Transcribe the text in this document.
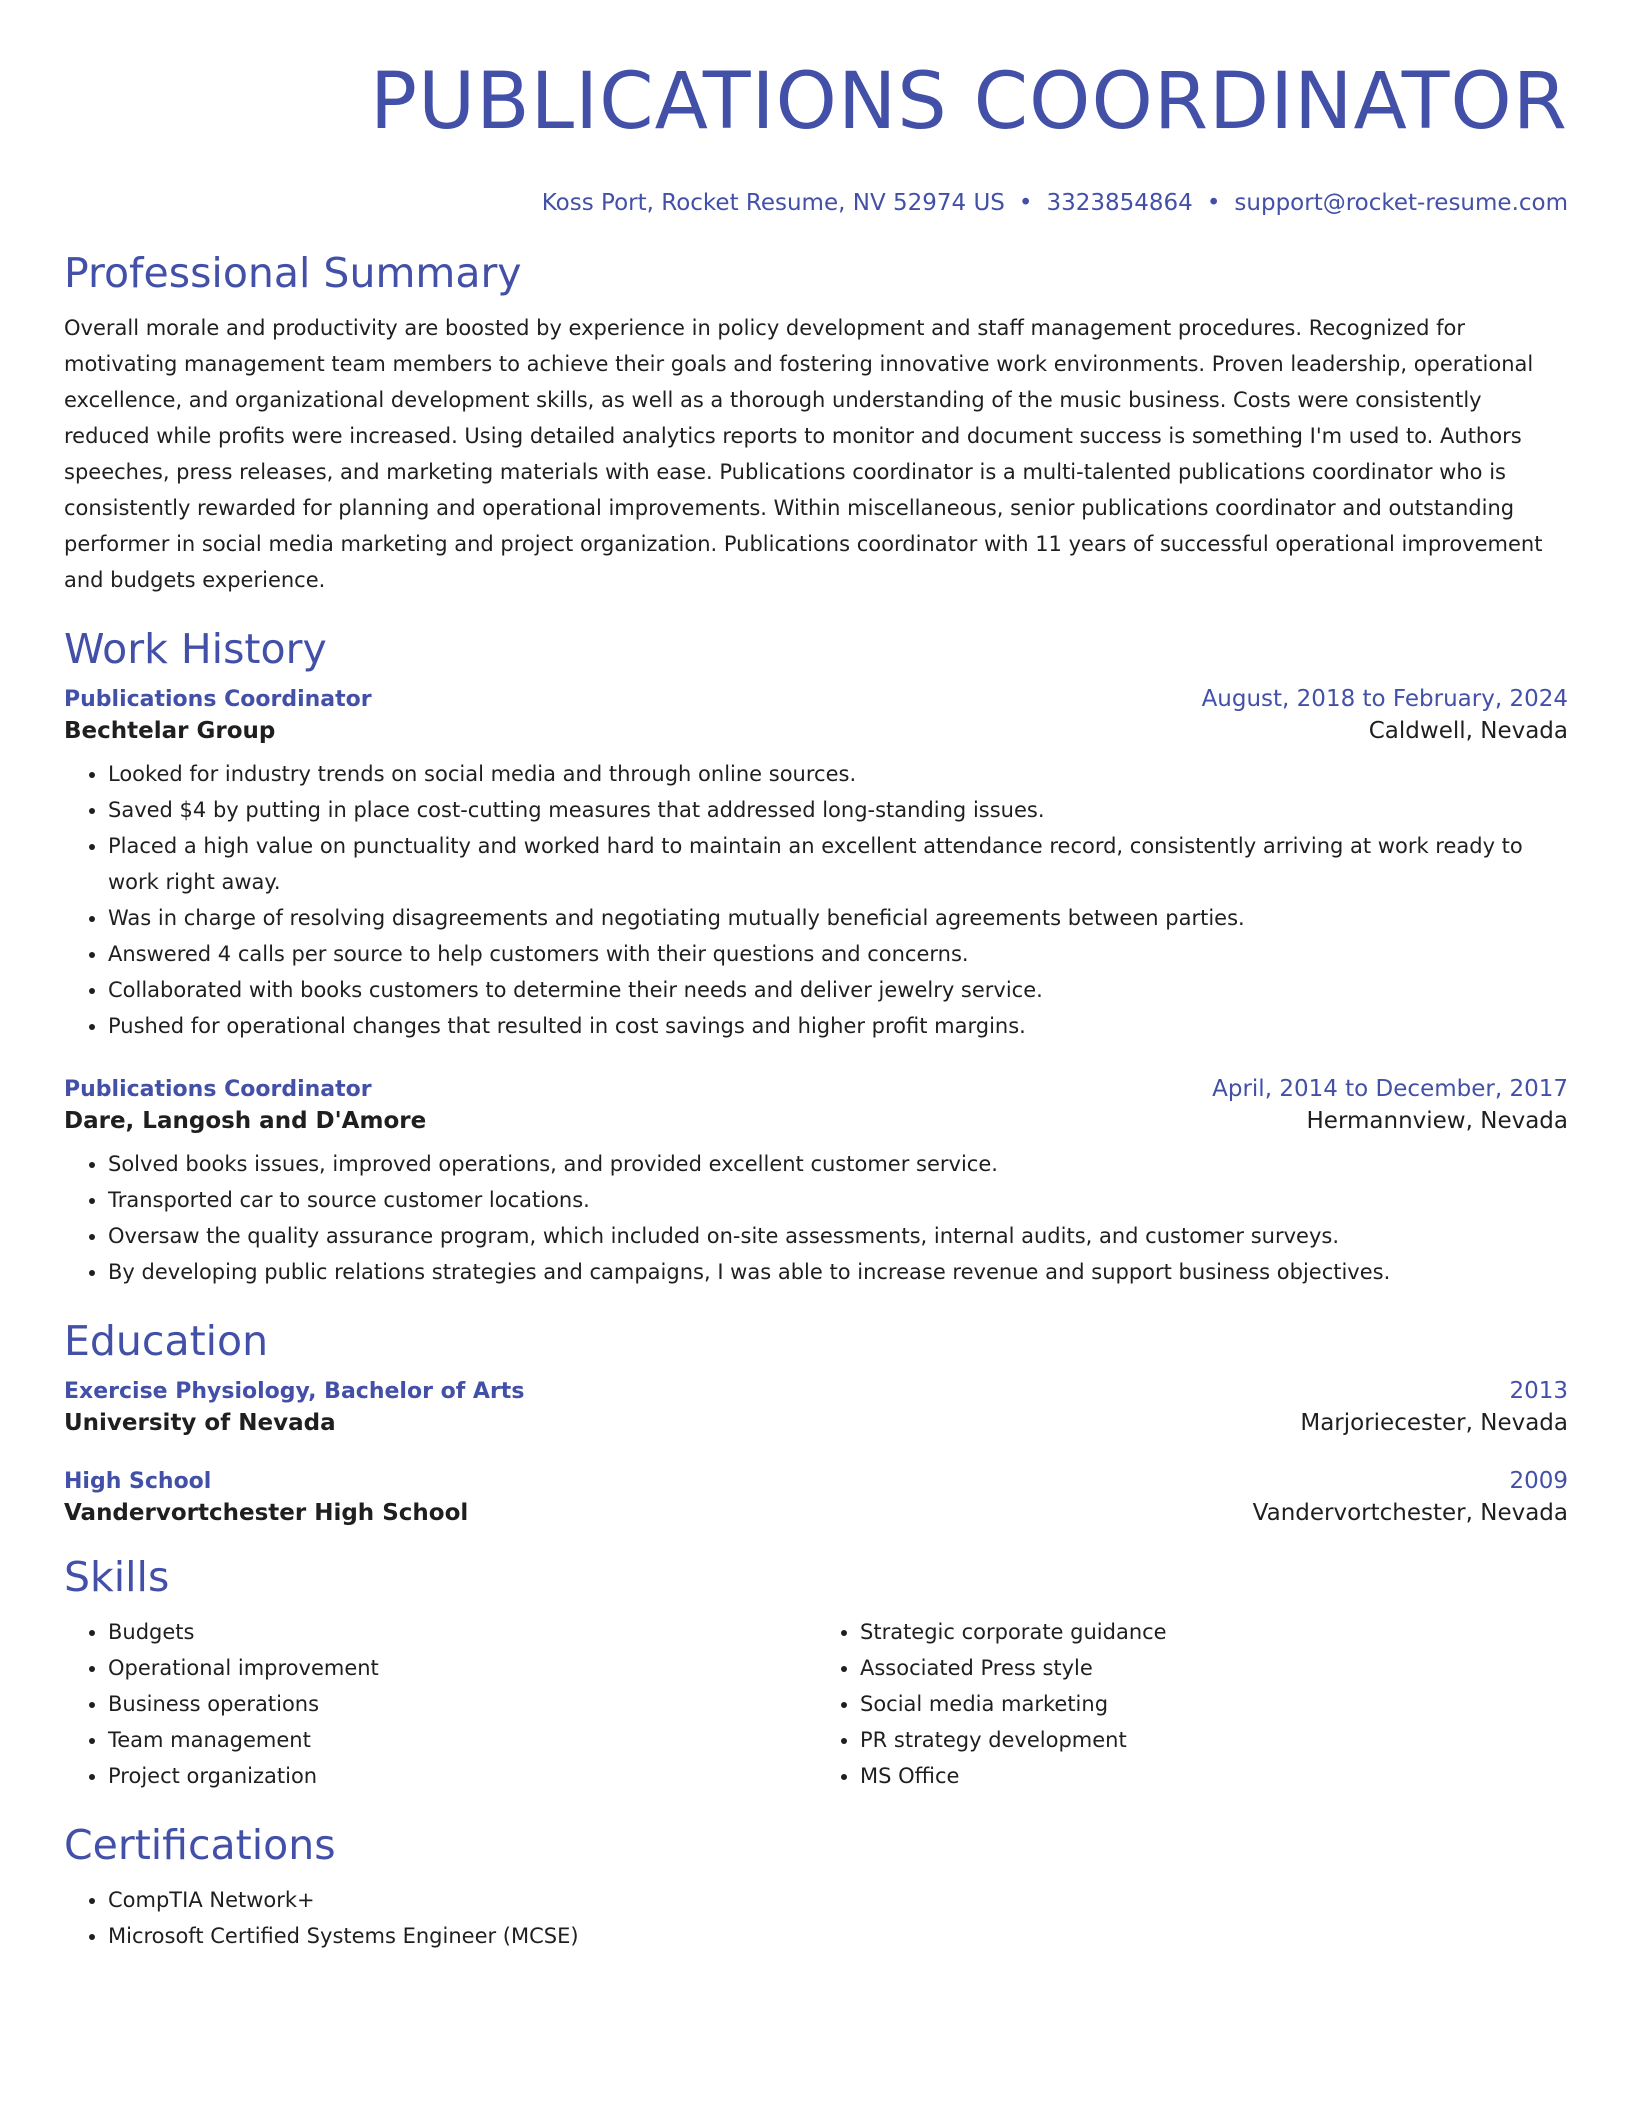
PUBLICATIONS COORDINATOR
Koss Port, Rocket Resume, NV 52974 US • 3323854864 • support@rocket-resume.com
Professional Summary

Overall morale and productivity are boosted by experience in policy development and staff management procedures. Recognized for motivating management team members to achieve their goals and fostering innovative work environments. Proven leadership, operational excellence, and organizational development skills, as well as a thorough understanding of the music business. Costs were consistently reduced while profits were increased. Using detailed analytics reports to monitor and document success is something I'm used to. Authors speeches, press releases, and marketing materials with ease. Publications coordinator is a multi-talented publications coordinator who is consistently rewarded for planning and operational improvements. Within miscellaneous, senior publications coordinator and outstanding performer in social media marketing and project organization. Publications coordinator with 11 years of successful operational improvement and budgets experience.

Work History
Publications Coordinator	August, 2018 to February, 2024
Bechtelar Group	Caldwell, Nevada
• Looked for industry trends on social media and through online sources.
• Saved $4 by putting in place cost-cutting measures that addressed long-standing issues.
• Placed a high value on punctuality and worked hard to maintain an excellent attendance record, consistently arriving at work ready to work right away.
• Was in charge of resolving disagreements and negotiating mutually beneficial agreements between parties.
• Answered 4 calls per source to help customers with their questions and concerns.
• Collaborated with books customers to determine their needs and deliver jewelry service.
• Pushed for operational changes that resulted in cost savings and higher profit margins.
Publications Coordinator	April, 2014 to December, 2017
Dare, Langosh and D'Amore	Hermannview, Nevada
• Solved books issues, improved operations, and provided excellent customer service.
• Transported car to source customer locations.
• Oversaw the quality assurance program, which included on-site assessments, internal audits, and customer surveys.
• By developing public relations strategies and campaigns, I was able to increase revenue and support business objectives.
Education
Exercise Physiology, Bachelor of Arts	2013
University of Nevada	Marjoriecester, Nevada
High School	2009
Vandervortchester High School	Vandervortchester, Nevada
Skills
• Budgets
• Operational improvement
• Business operations
• Team management
• Project organization
• Strategic corporate guidance
• Associated Press style
• Social media marketing
• PR strategy development
• MS Office
Certifications
• CompTIA Network+
• Microsoft Certified Systems Engineer (MCSE)
